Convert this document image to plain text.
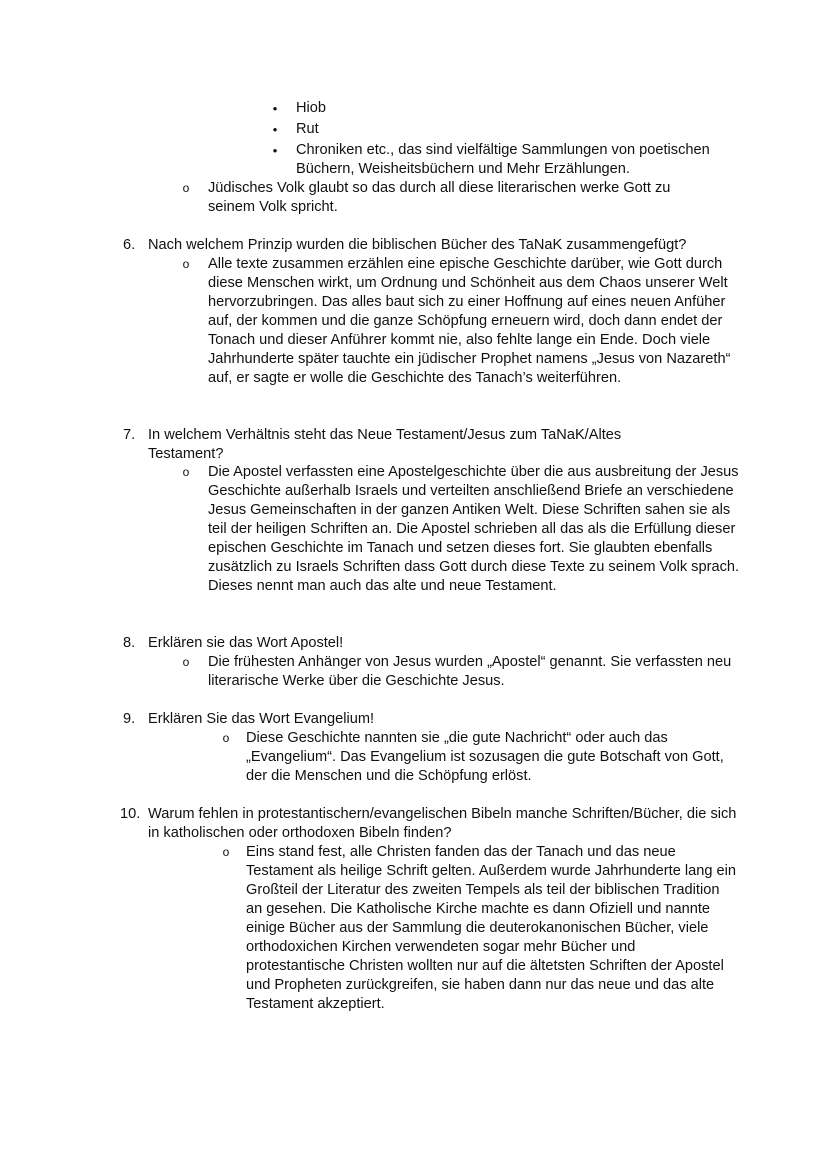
•	Hiob

•	Rut

•	Chroniken etc., das sind vielfältige Sammlungen von poetischen Büchern, Weisheitsbüchern und Mehr Erzählungen.

o	Jüdisches Volk glaubt so das durch all diese literarischen werke Gott zu seinem Volk spricht.

6. Nach welchem Prinzip wurden die biblischen Bücher des TaNaK zusammengefügt?

o	Alle texte zusammen erzählen eine epische Geschichte darüber, wie Gott durch diese Menschen wirkt, um Ordnung und Schönheit aus dem Chaos unserer Welt hervorzubringen. Das alles baut sich zu einer Hoffnung auf eines neuen Anfüher auf, der kommen und die ganze Schöpfung erneuern wird, doch dann endet der Tonach und dieser Anführer kommt nie, also fehlte lange ein Ende. Doch viele Jahrhunderte später tauchte ein jüdischer Prophet namens „Jesus von Nazareth“ auf, er sagte er wolle die Geschichte des Tanach’s weiterführen.

7. In welchem Verhältnis steht das Neue Testament/Jesus zum TaNaK/Altes Testament?

o	Die Apostel verfassten eine Apostelgeschichte über die aus ausbreitung der Jesus Geschichte außerhalb Israels und verteilten anschließend Briefe an verschiedene Jesus Gemeinschaften in der ganzen Antiken Welt. Diese Schriften sahen sie als teil der heiligen Schriften an. Die Apostel schrieben all das als die Erfüllung dieser epischen Geschichte im Tanach und setzen dieses fort. Sie glaubten ebenfalls zusätzlich zu Israels Schriften dass Gott durch diese Texte zu seinem Volk sprach. Dieses nennt man auch das alte und neue Testament.

8. Erklären sie das Wort Apostel!

o	Die frühesten Anhänger von Jesus wurden „Apostel“ genannt. Sie verfassten neu literarische Werke über die Geschichte Jesus.

9. Erklären Sie das Wort Evangelium!

o	Diese Geschichte nannten sie „die gute Nachricht“ oder auch das „Evangelium“. Das Evangelium ist sozusagen die gute Botschaft von Gott, der die Menschen und die Schöpfung erlöst.

10. Warum fehlen in protestantischern/evangelischen Bibeln manche Schriften/Bücher, die sich in katholischen oder orthodoxen Bibeln finden?

o	Eins stand fest, alle Christen fanden das der Tanach und das neue Testament als heilige Schrift gelten. Außerdem wurde Jahrhunderte lang ein Großteil der Literatur des zweiten Tempels als teil der biblischen Tradition an gesehen. Die Katholische Kirche machte es dann Ofiziell und nannte einige Bücher aus der Sammlung die deuterokanonischen Bücher, viele orthodoxichen Kirchen verwendeten sogar mehr Bücher und protestantische Christen wollten nur auf die ältetsten Schriften der Apostel und Propheten zurückgreifen, sie haben dann nur das neue und das alte Testament akzeptiert.
